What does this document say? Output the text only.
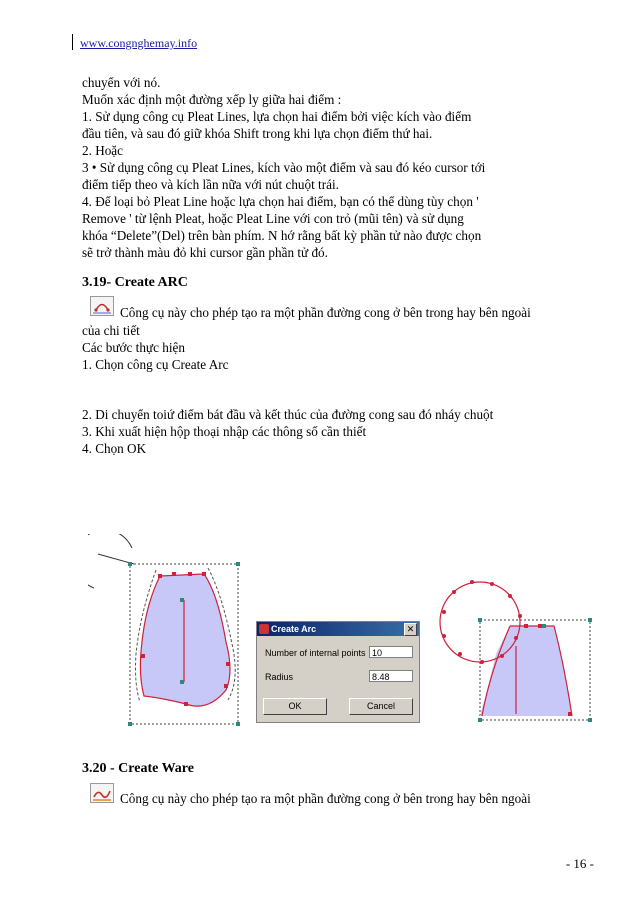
www.congnghemay.info
chuyển với nó.
Muốn xác định một đường xếp ly giữa hai điểm :
1. Sử dụng công cụ Pleat Lines, lựa chọn hai điểm bởi việc kích vào điểm
đầu tiên, và sau đó giữ khóa Shift trong khi lựa chọn điểm thứ hai.
2. Hoặc
3 • Sử dụng công cụ Pleat Lines, kích vào một điểm và sau đó kéo cursor tới
điểm tiếp theo và kích lần nữa với nút chuột trái.
4. Để loại bỏ Pleat Line hoặc lựa chọn hai điểm, bạn có thể dùng tùy chọn '
Remove ' từ lệnh Pleat, hoặc Pleat Line với con trỏ (mũi tên) và sử dụng
khóa “Delete”(Del) trên bàn phím. N hớ rằng bất kỳ phần tử nào được chọn
sẽ trở thành màu đỏ khi cursor gần phần tử đó.
3.19- Create ARC
Công cụ này cho phép tạo ra một phần đường cong ở bên trong hay bên ngoài
của chi tiết
Các bước thực hiện
1. Chọn công cụ Create Arc
2. Di chuyển toiứ điểm bát đầu và kết thúc của đường cong sau đó nháy chuột
3. Khi xuất hiện hộp thoại nhập các thông số cần thiết
4. Chọn OK
Create Arc	✕
Number of internal points 10
Radius	8.48
OK	Cancel
3.20 - Create Ware
Công cụ này cho phép tạo ra một phần đường cong ở bên trong hay bên ngoài
- 16 -
